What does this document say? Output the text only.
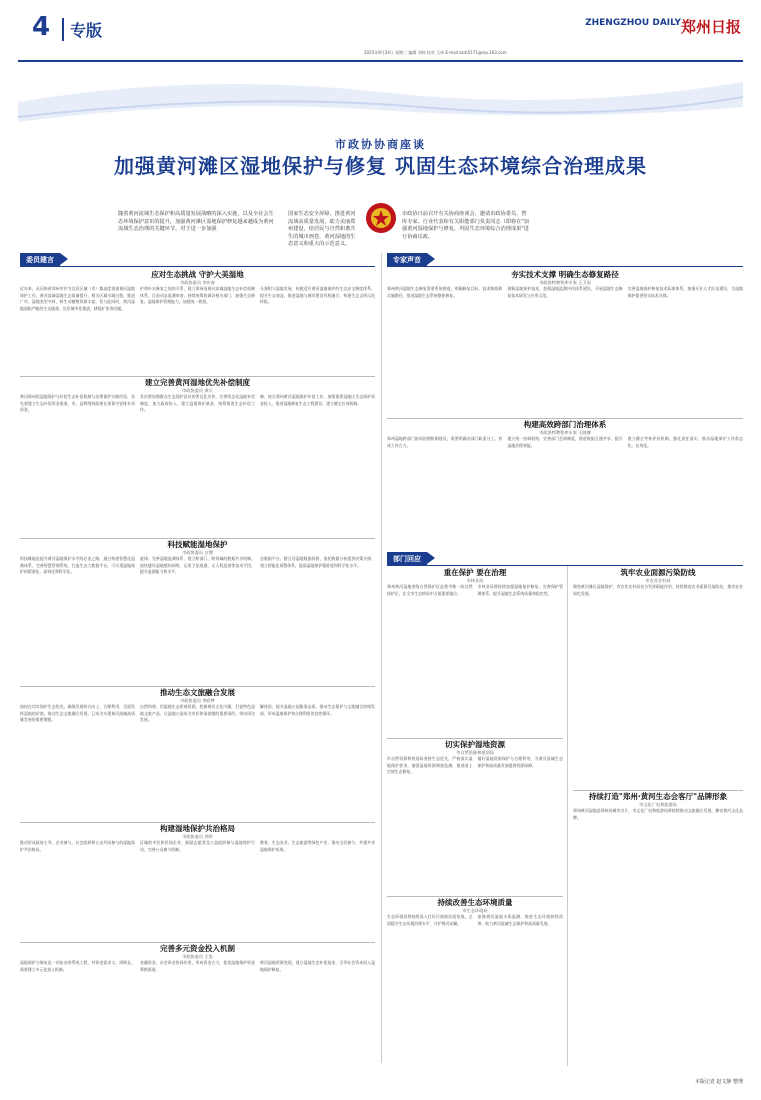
4	专版	ZHENGZHOU DAILY 郑州日报
2025年9月24日 星期三 编辑 刘伟 校对 王伟 E-mail:zzrb5171@vip.163.com
市政协协商座谈
加强黄河滩区湿地保护与修复 巩固生态环境综合治理成果
随着黄河流域生态保护和高质量发展战略的深入实施，以及全社会生态环境保护意识的提升，加强黄河滩区湿地保护修复越来越成为黄河流域生态治理的关键环节。对于进一步加强
国家生态安全屏障，推进黄河流域高质量发展，助力美丽郑州建设，给居民与自然和谐共生的城市画卷，黄河湿地的生态意义和重大的示范意义。
市政协日前召开有关协商座谈会，邀请市政协委员、智库专家、行业代表和有关职能部门负责同志（即将在"加强黄河湿地保护与修复，巩固生态环境综合治理成果"进行协商议政。
委员建言	专家声音
部门回应
应对生态挑战 守护大美湿地
市政协委员 李庆春

近年来，从河南省郑州市作为宜居区域（市）都高度重视黄河湿地保护工作，黄河流域湿地生态质量提升，相关区域水域过程，推进广市，湿地类型多样，野生动植物资源丰富，但与此同时，黄河湿地面临严峻的生态挑战。沿岸城市化推进，耕地扩张等问题。

护和补水修复之间的关系，建立郑州国黄河流域湿地生态补偿机制体系，目前动态监测审查，持续统筹协调各相关部门，加强生态修复。湿地保护管理能力，加强统一规划。

头督相与湿地发展，构建适应黄河湿地保护的生态安全制度体系，提升生态效益，推进湿地与城市建设有机融合，构建生态文明示范样板。

建立完善黄河湿地优先补偿制度
市政协委员 黄兵

黄河郑州段湿地保护与补偿生态补偿机制与治理保护实践经验，首先要建立生态补偿资金渠道，市、县两级财政要在预算中安排专项资金。

其次要加强群众生态保护意识的普及化宣传，完善常态化湿地补偿制度，加大政府投入，建立湿地保护基金，统筹推进生态补偿工作。

制，统合郑州黄河湿地保护补偿工作。加强重要湿地区生态保护资金投入，推进湿地修复生态工程建设，建立健全长效机制。

科技赋能湿地保护
市政协委员 白博

科技赋能是提升黄河湿地保护水平的必由之路。通过构建智慧化监测体系，完善智慧管理系统，打造生态大数据平台，可实现湿地保护的精准化、高效化和科学化。

旋律。完善湿地监测体系，建立跨部门、跨领域的数据共享机制。加快建设湿地感知网络，运用卫星遥感、无人机巡查等技术手段，提升监测能力和水平。

态数据平台，整合河湿地数据资源，依托数据分析提供决策支撑，建立智能化预警体系，提高湿地保护精准度和科学化水平。

推动生态文旅融合发展
市政协委员 李欣梦

如何在切实保护生态优先、确保发展的方向上，合理利用，全面发挥湿地的价值，推动生态文旅融合发展，已成为实现黄河流域高质量发展的重要课题。

自然和谐，用湿地生态景观资源，挖掘黄河文化内涵，打造特色湿地文旅产品，让湿地公园成为市民休闲游憩的重要场所，带动周边发展。

解体验，提升湿地公园服务品质，推动生态保护与文旅融合协调发展，形成湿地保护和合理利用的良性循环。

构建湿地保护共治格局
市政协委员 郭华

推动形成政府主导、企业参与、社会组织和公众共同参与的湿地保护共治格局。

区域的市民和民间企业，鼓励志愿者及公益组织参与湿地保护行动，完善公众参与机制。

教育，生态农业，生态旅游等绿色产业，推动全民参与，共建共享湿地保护成果。

完善多元资金投入机制
市政协委员 王玺

湿地保护与修复是一项复杂的系统工程，对资金需求大、周期长，需要建立多元化投入机制。

金融资金，社会资金协同作用，形成资金合力，拓宽湿地保护资金筹措渠道。

黄河湿地资源变现，建立湿地生态补偿基金，引导社会资本投入湿地保护修复。

夯实技术支撑 明确生态修复路径
市政协特聘智库专家 王卫国

郑州黄河湿地生态修复需要系统推进，明确修复目标、技术路线和实施路径，推进湿地生态系统整体修复。

创新湿地保护技术，加强湿地监测评估体系建设，开展湿地生态修复技术研发与应用示范。

完善湿地保护修复技术标准体系，加强专业人才队伍建设，为湿地保护提供坚实技术支撑。

构建高效跨部门治理体系
市政协特聘智库专家 王晓娜

郑州湿地跨部门协同治理机制建设，需要明确各部门职责分工，形成工作合力。

建立统一协调机构，完善部门会商制度，推进数据互通共享，提升湿地治理效能。

建立健全考核评价机制，强化责任落实，推动湿地保护工作常态化、长效化。

重在保护 要在治理
市林业局

郑州黄河湿地省级自然保护区是我市唯一的自然保护区，在全市生态格局中占据重要地位。

市林业局将持续加强湿地保护修复，完善保护管理体系，提升湿地生态系统质量和稳定性。

筑牢农业面源污染防线
市农业农村局

聚焦黄河滩区湿地保护，市农业农村局充分发挥职能作用，持续推进农业面源污染防治，推动农业绿色发展。

切实保护湿地资源
市自然资源和规划局

市自然资源和规划局坚持生态优先，严格落实湿地保护要求，加强湿地资源调查监测，推进国土空间生态修复。

做好湿地资源保护与合理利用，为黄河流域生态保护和高质量发展提供资源保障。

持续打造"郑州·黄河生态会客厅"品牌形象
市文化广电和旅游局

郑州黄河湿地是郑州的城市名片，市文化广电和旅游局将持续推动文旅融合发展，擦亮黄河文化品牌。

持续改善生态环境质量
市生态环境局

生态环境局将持续深入打好污染防治攻坚战，全面提升生态环境治理水平，守护黄河安澜。

加强黄河湿地水质监测，推进生态环境持续改善，助力黄河流域生态保护和高质量发展。

本版记者 赵文静 整理
